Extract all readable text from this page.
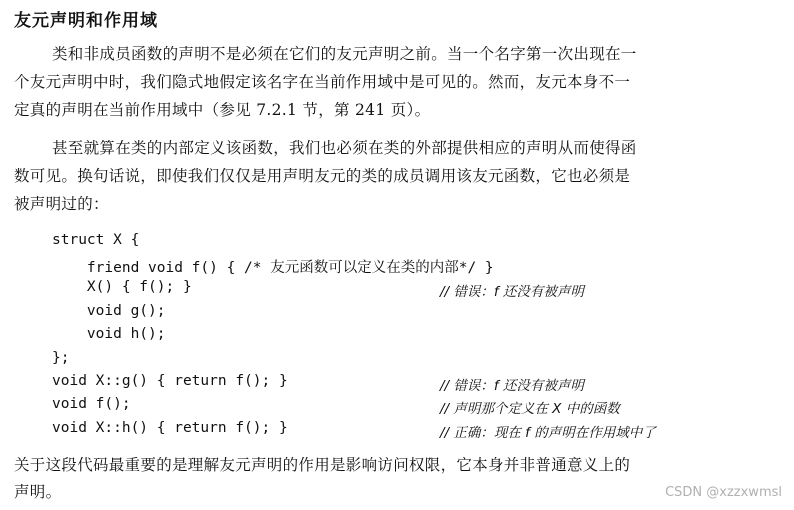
友元声明和作用域
类和非成员函数的声明不是必须在它们的友元声明之前。当一个名字第一次出现在一
个友元声明中时，我们隐式地假定该名字在当前作用域中是可见的。然而，友元本身不一
定真的声明在当前作用域中（参见 7.2.1 节，第 241 页）。
甚至就算在类的内部定义该函数，我们也必须在类的外部提供相应的声明从而使得函
数可见。换句话说，即使我们仅仅是用声明友元的类的成员调用该友元函数，它也必须是
被声明过的：
struct X {
friend void f() { /* 友元函数可以定义在类的内部*/ }
X() { f(); }
void g();
void h();
};
void X::g() { return f(); }
void f();
void X::h() { return f(); }
// 错误：f 还没有被声明
// 错误：f 还没有被声明
// 声明那个定义在 X 中的函数
// 正确：现在 f 的声明在作用域中了
关于这段代码最重要的是理解友元声明的作用是影响访问权限，它本身并非普通意义上的
声明。	CSDN @xzzxwmsl
